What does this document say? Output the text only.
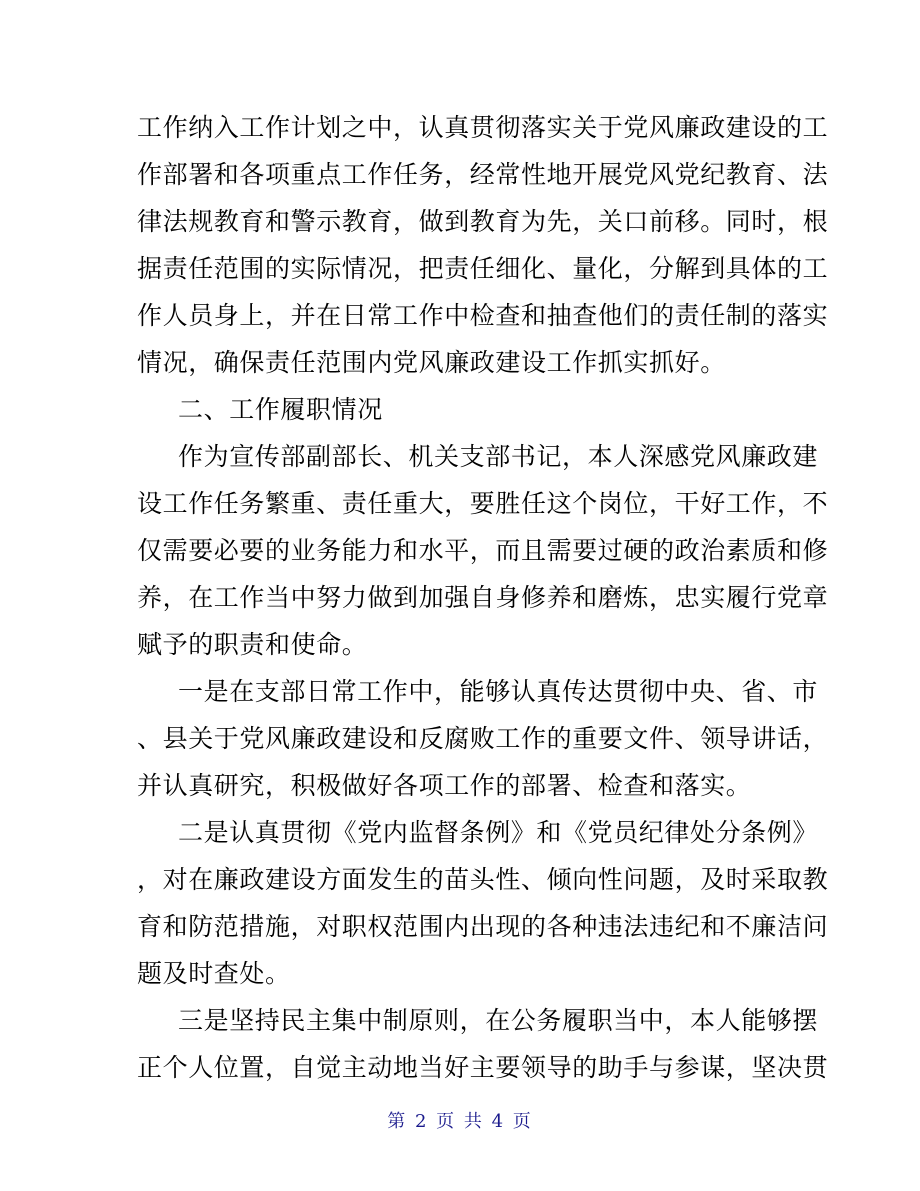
工作纳入工作计划之中，认真贯彻落实关于党风廉政建设的工
作部署和各项重点工作任务，经常性地开展党风党纪教育、法
律法规教育和警示教育，做到教育为先，关口前移。同时，根
据责任范围的实际情况，把责任细化、量化，分解到具体的工
作人员身上，并在日常工作中检查和抽查他们的责任制的落实
情况，确保责任范围内党风廉政建设工作抓实抓好。
二、工作履职情况
作为宣传部副部长、机关支部书记，本人深感党风廉政建
设工作任务繁重、责任重大，要胜任这个岗位，干好工作，不
仅需要必要的业务能力和水平，而且需要过硬的政治素质和修
养，在工作当中努力做到加强自身修养和磨炼，忠实履行党章
赋予的职责和使命。
一是在支部日常工作中，能够认真传达贯彻中央、省、市
、县关于党风廉政建设和反腐败工作的重要文件、领导讲话，
并认真研究，积极做好各项工作的部署、检查和落实。
二是认真贯彻《党内监督条例》和《党员纪律处分条例》
，对在廉政建设方面发生的苗头性、倾向性问题，及时采取教
育和防范措施，对职权范围内出现的各种违法违纪和不廉洁问
题及时查处。
三是坚持民主集中制原则，在公务履职当中，本人能够摆
正个人位置，自觉主动地当好主要领导的助手与参谋，坚决贯
第 2 页 共 4 页
